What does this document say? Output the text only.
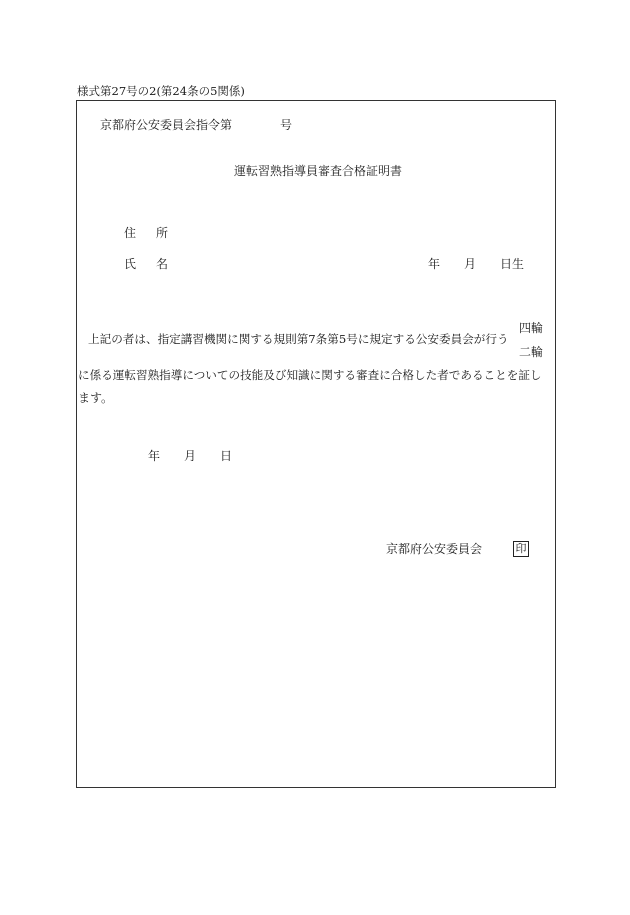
様式第27号の2(第24条の5関係)
京都府公安委員会指令第	号
運転習熟指導員審査合格証明書
住 所
氏 名	年 月 日生
上記の者は、指定講習機関に関する規則第7条第5号に規定する公安委員会が行う
四輪
二輪
に係る運転習熟指導についての技能及び知識に関する審査に合格した者であることを証し
ます。
年 月 日
京都府公安委員会	印
